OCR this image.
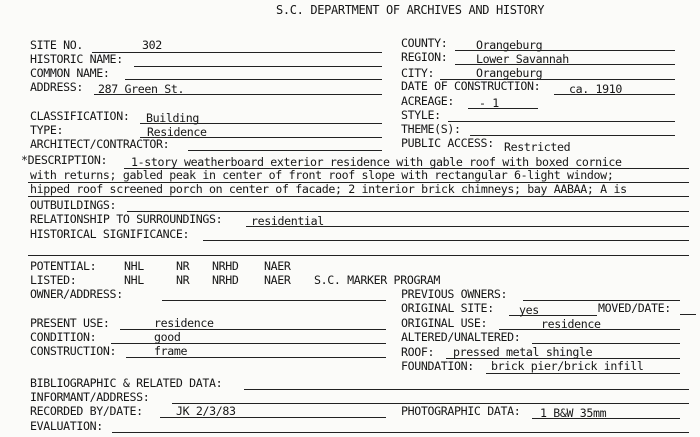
S.C. DEPARTMENT OF ARCHIVES AND HISTORY
SITE NO.	302	COUNTY: Orangeburg
HISTORIC NAME:	REGION: Lower Savannah
COMMON NAME:	CITY:	Orangeburg
ADDRESS: 287 Green St.	DATE OF CONSTRUCTION: ca. 1910
ACREAGE: - 1
CLASSIFICATION: Building	STYLE:
TYPE:	Residence	THEME(S):
ARCHITECT/CONTRACTOR:	PUBLIC ACCESS: Restricted
*DESCRIPTION: 1-story weatherboard exterior residence with gable roof with boxed cornice
with returns; gabled peak in center of front roof slope with rectangular 6-light window;
hipped roof screened porch on center of facade; 2 interior brick chimneys; bay AABAA; A is
OUTBUILDINGS:
RELATIONSHIP TO SURROUNDINGS: residential
HISTORICAL SIGNIFICANCE:
POTENTIAL: NHL	NR NRHD NAER
LISTED:	NHL	NR NRHD NAER S.C. MARKER PROGRAM
OWNER/ADDRESS:	PREVIOUS OWNERS:
ORIGINAL SITE: yes	MOVED/DATE:
PRESENT USE:	residence	ORIGINAL USE:	residence
CONDITION:	good	ALTERED/UNALTERED:
CONSTRUCTION:	frame	ROOF: pressed metal shingle
FOUNDATION: brick pier/brick infill
BIBLIOGRAPHIC & RELATED DATA:
INFORMANT/ADDRESS:
RECORDED BY/DATE:	JK 2/3/83	PHOTOGRAPHIC DATA: 1 B&W 35mm
EVALUATION:
